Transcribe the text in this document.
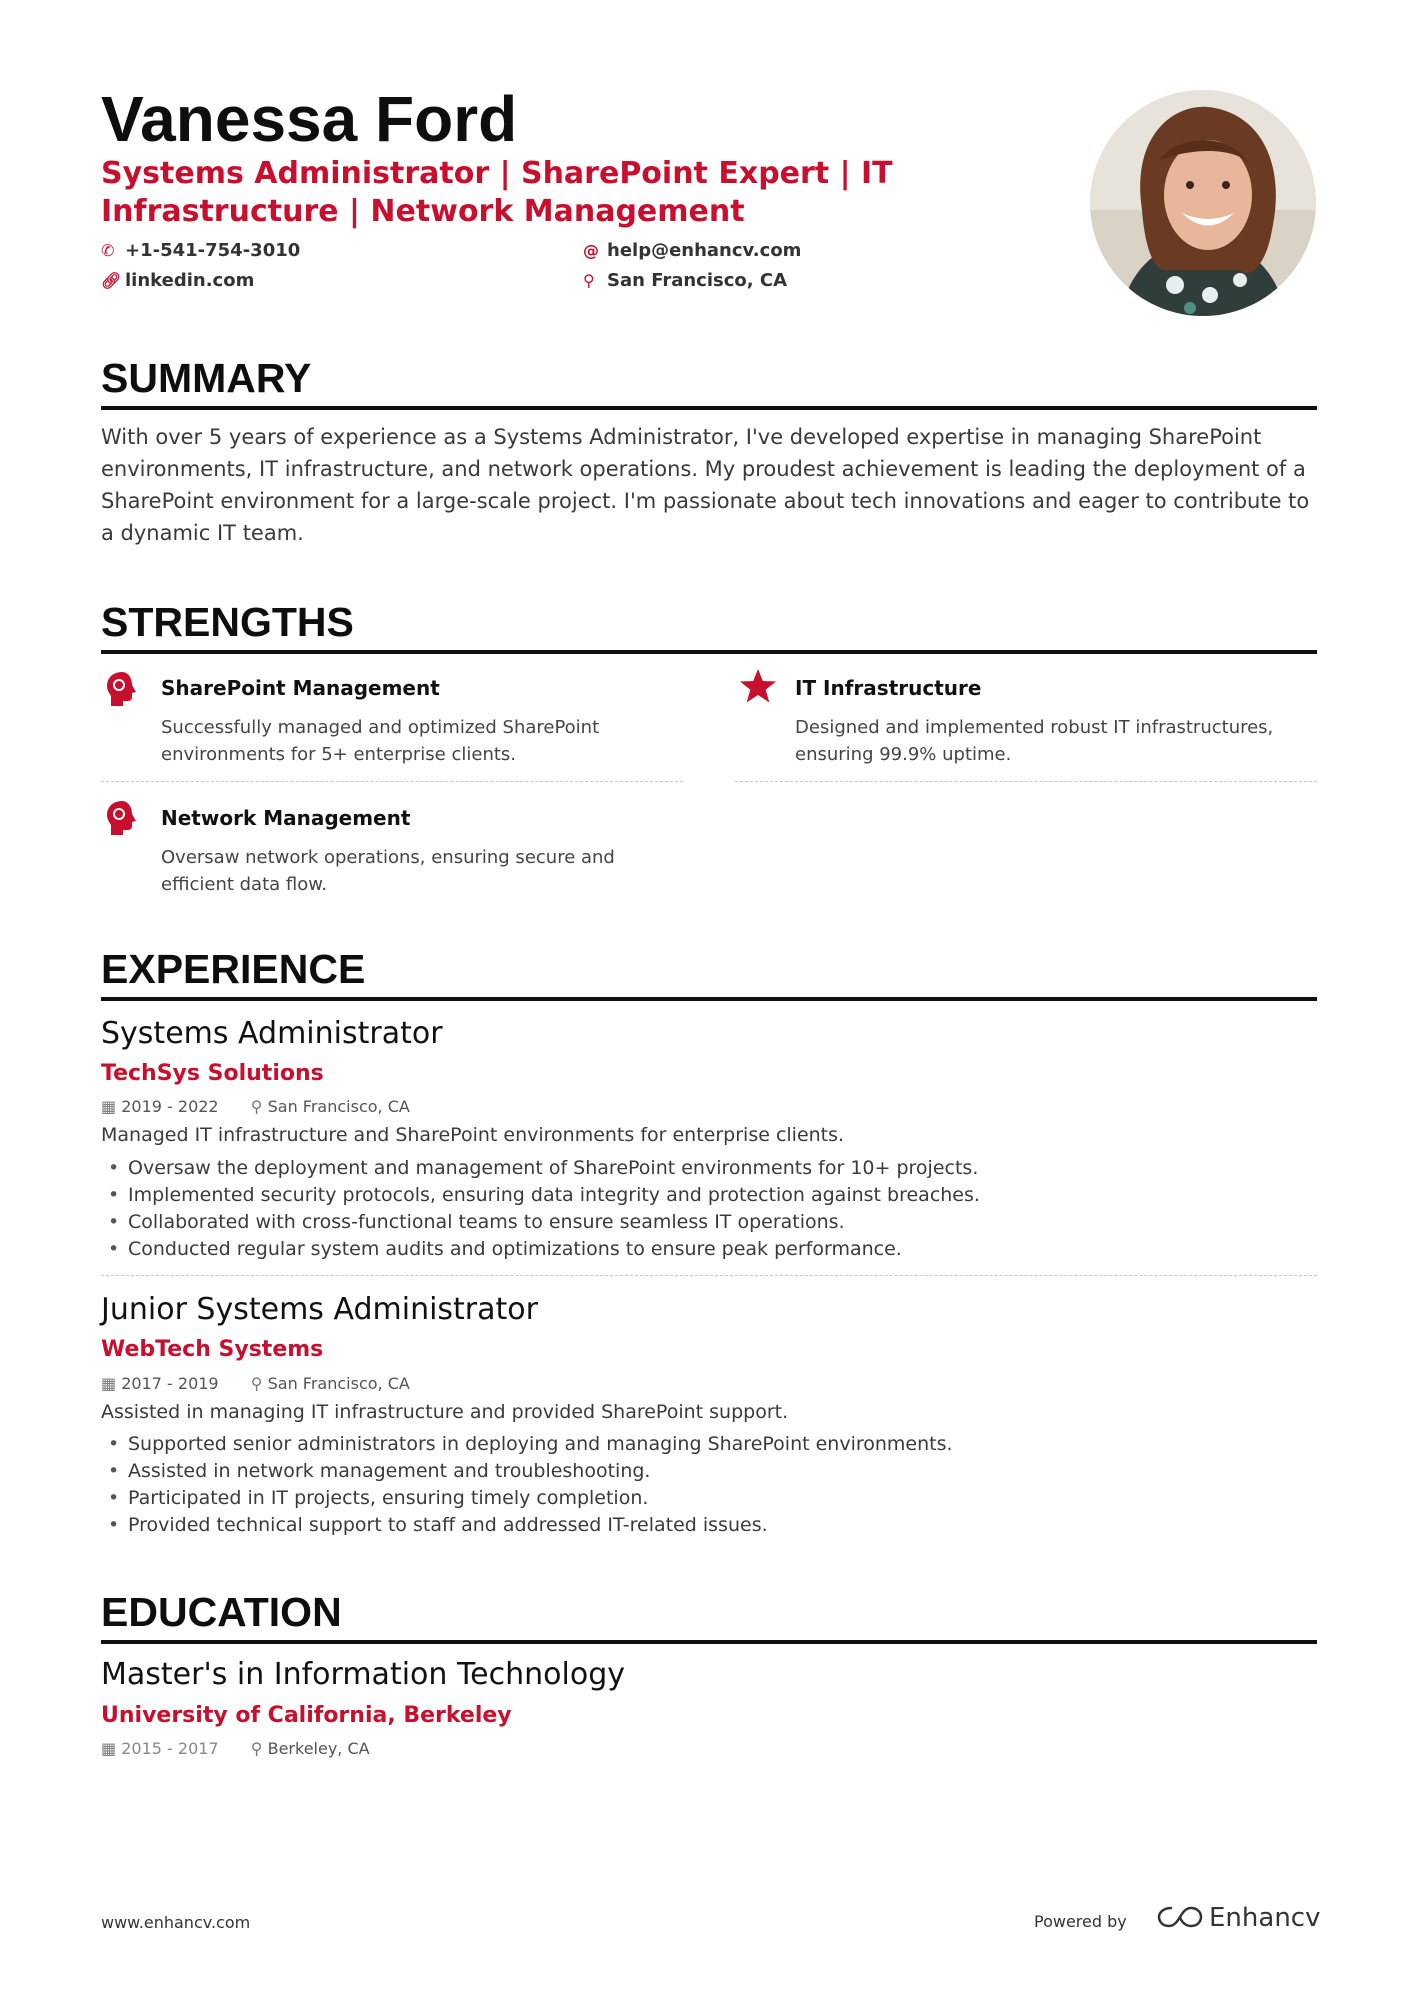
Vanessa Ford
Systems Administrator | SharePoint Expert | IT Infrastructure | Network Management
✆ +1-541-754-3010	@ help@enhancv.com
🔗︎ linkedin.com	⚲ San Francisco, CA
SUMMARY
With over 5 years of experience as a Systems Administrator, I've developed expertise in managing SharePoint environments, IT infrastructure, and network operations. My proudest achievement is leading the deployment of a SharePoint environment for a large-scale project. I'm passionate about tech innovations and eager to contribute to a dynamic IT team.
STRENGTHS
SharePoint Management
Successfully managed and optimized SharePoint environments for 5+ enterprise clients.
IT Infrastructure
Designed and implemented robust IT infrastructures, ensuring 99.9% uptime.
Network Management
Oversaw network operations, ensuring secure and efficient data flow.
EXPERIENCE
Systems Administrator
TechSys Solutions
▦ 2019 - 2022 ⚲ San Francisco, CA
Managed IT infrastructure and SharePoint environments for enterprise clients.
• Oversaw the deployment and management of SharePoint environments for 10+ projects.
• Implemented security protocols, ensuring data integrity and protection against breaches.
• Collaborated with cross-functional teams to ensure seamless IT operations.
• Conducted regular system audits and optimizations to ensure peak performance.
Junior Systems Administrator
WebTech Systems
▦ 2017 - 2019 ⚲ San Francisco, CA
Assisted in managing IT infrastructure and provided SharePoint support.
• Supported senior administrators in deploying and managing SharePoint environments.
• Assisted in network management and troubleshooting.
• Participated in IT projects, ensuring timely completion.
• Provided technical support to staff and addressed IT-related issues.
EDUCATION
Master's in Information Technology
University of California, Berkeley
▦ 2015 - 2017 ⚲ Berkeley, CA
www.enhancv.com	Powered by	Enhancv
